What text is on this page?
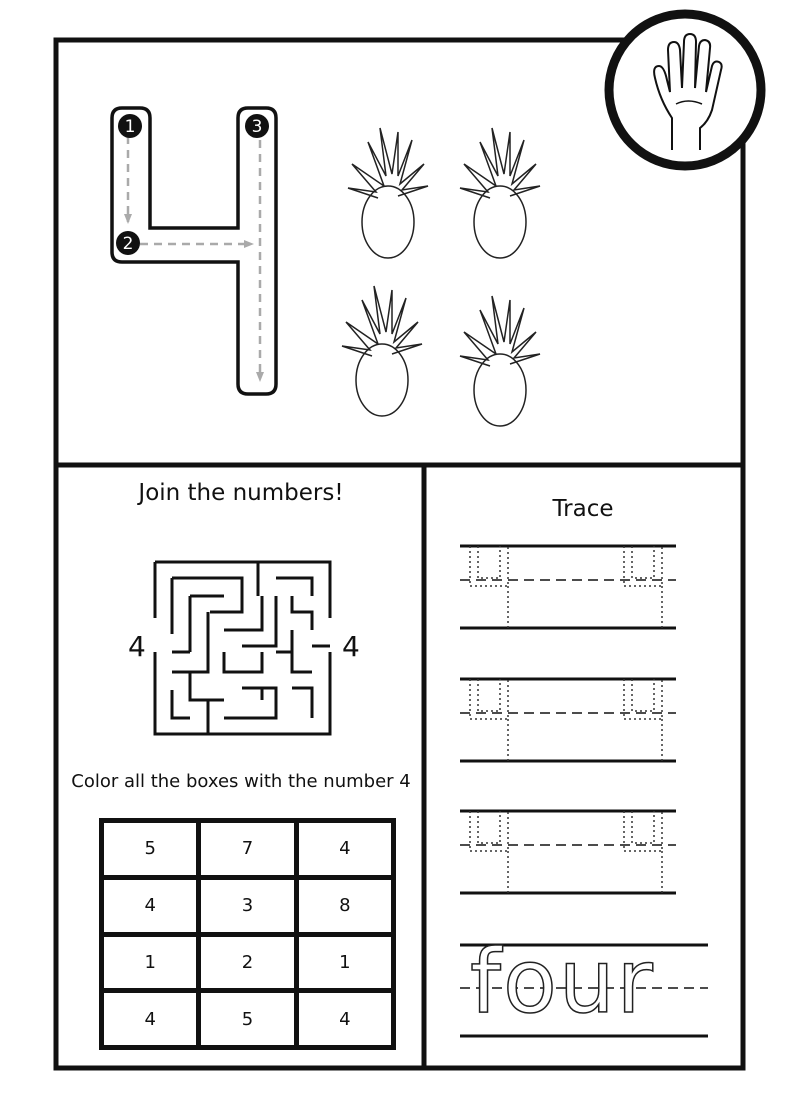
1
2
3
Join the numbers!
4	4
Trace
four
Color all the boxes with the number 4
5	7	4
4	3	8
1	2	1
4	5	4
